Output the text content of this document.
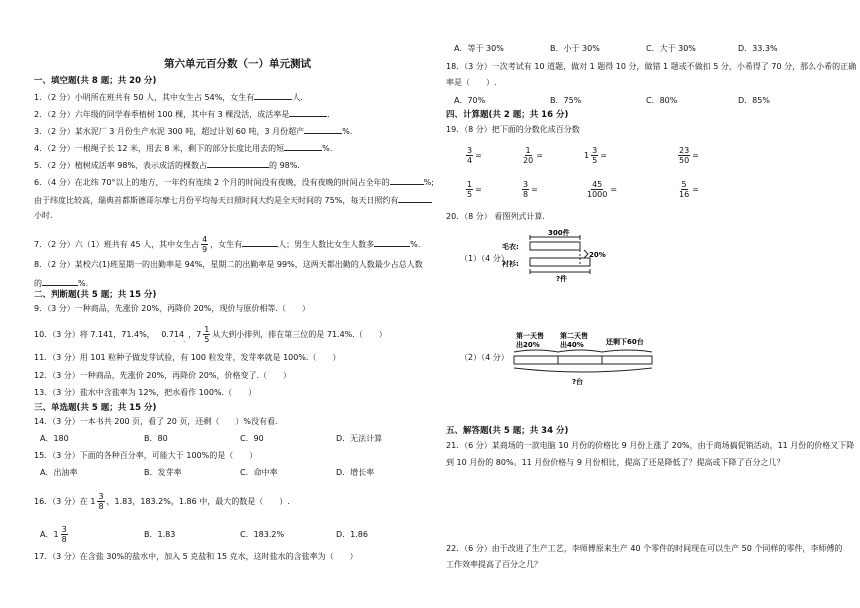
第六单元百分数（一）单元测试
一、填空题(共 8 题；共 20 分)
1．（2 分）小明所在班共有 50 人，其中女生占 54%，女生有	人.
2．（2 分）六年级的同学春季植树 100 棵，其中有 3 棵没活，成活率是	.
3．（2 分）某水泥厂 3 月份生产水泥 300 吨，超过计划 60 吨，3 月份超产	%.
4．（2 分）一根绳子长 12 米，用去 8 米，剩下的部分长度比用去的短	%.
5．（2 分）植树成活率 98%，表示成活的棵数占	的 98%.
6．（4 分）在北纬 70°以上的地方，一年约有连续 2 个月的时间没有夜晚，没有夜晚的时间占全年的	%;
由于纬度比较高，瑞典首都斯德哥尔摩七月份平均每天日照时间大约是全天时间的 75%，每天日照约有
小时.
7．（2 分）六（1）班共有 45 人，其中女生占 $\frac{4}{9}$ ，女生有	人；男生人数比女生人数多	%.
8．（2 分）某校六(1)班星期一的出勤率是 94%，星期二的出勤率是 99%，这两天都出勤的人数最少占总人数
的	%.
二、判断题(共 5 题；共 15 分)
9．（3 分）一种商品，先涨价 20%，再降价 20%，现价与原价相等.（　　）
10．（3 分）将 7.141，71.4%， 0.714
· ·
，$7 \frac{1}{5}$ 从大到小排列，排在第三位的是 71.4%.（　　）
11．（3 分）用 101 粒种子做发芽试验，有 100 粒发芽，发芽率就是 100%.（　　）
12．（3 分）一种商品，先涨价 20%，再降价 20%，价格变了.（　　）
13．（3 分）盐水中含盐率为 12%，把水看作 100%.（　　）
三、单选题(共 5 题；共 15 分)
14．（3 分）一本书共 200 页，看了 20 页，还剩（　　）%没有看.
A．180	B．80	C．90	D．无法计算
15．（3 分）下面的各种百分率，可能大于 100%的是（　　）
A．出油率	B．发芽率	C．命中率	D．增长率
16．（3 分）在 $1 \frac{3}{8}$ ，1.83，183.2%，1.86 中，最大的数是（　　）.
A．$1 \frac{3}{8}$	B．1.83	C．183.2%	D．1.86
17．（3 分）在含盐 30%的盐水中，加入 5 克盐和 15 克水，这时盐水的含盐率为（　　）
A．等于 30%	B．小于 30%	C．大于 30%	D．33.3%
18．（3 分）一次考试有 10 道题，做对 1 题得 10 分，做错 1 题或不做扣 5 分，小希得了 70 分，那么小希的正确
率是（　　）.
A．70%	B．75%	C．80%	D．85%
四、计算题(共 2 题；共 16 分)
19．（8 分）把下面的分数化成百分数
$\frac{3}{4}$ =	$\frac{1}{20}$ =	$1 \frac{3}{5}$ =	$\frac{23}{50}$ =
$\frac{1}{5}$ =	$\frac{3}{8}$ =	$\frac{45}{1000}$ =	$\frac{5}{16}$ =
20．（8 分） 看图列式计算.
（1）（4 分）
300件
毛衣:
衬衫:
20%
?件
（2）（4 分）
第一天售
出20%
第二天售
出40%	还剩下60台
?台
五、解答题(共 5 题；共 34 分)
21．（6 分）某商场的一款电脑 10 月份的价格比 9 月份上涨了 20%，由于商场搞促销活动，11 月份的价格又下降
到 10 月份的 80%。11 月份价格与 9 月份相比，提高了还是降低了？提高或下降了百分之几？
22．（6 分）由于改进了生产工艺，李师傅原来生产 40 个零件的时间现在可以生产 50 个同样的零件，李师傅的
工作效率提高了百分之几？
